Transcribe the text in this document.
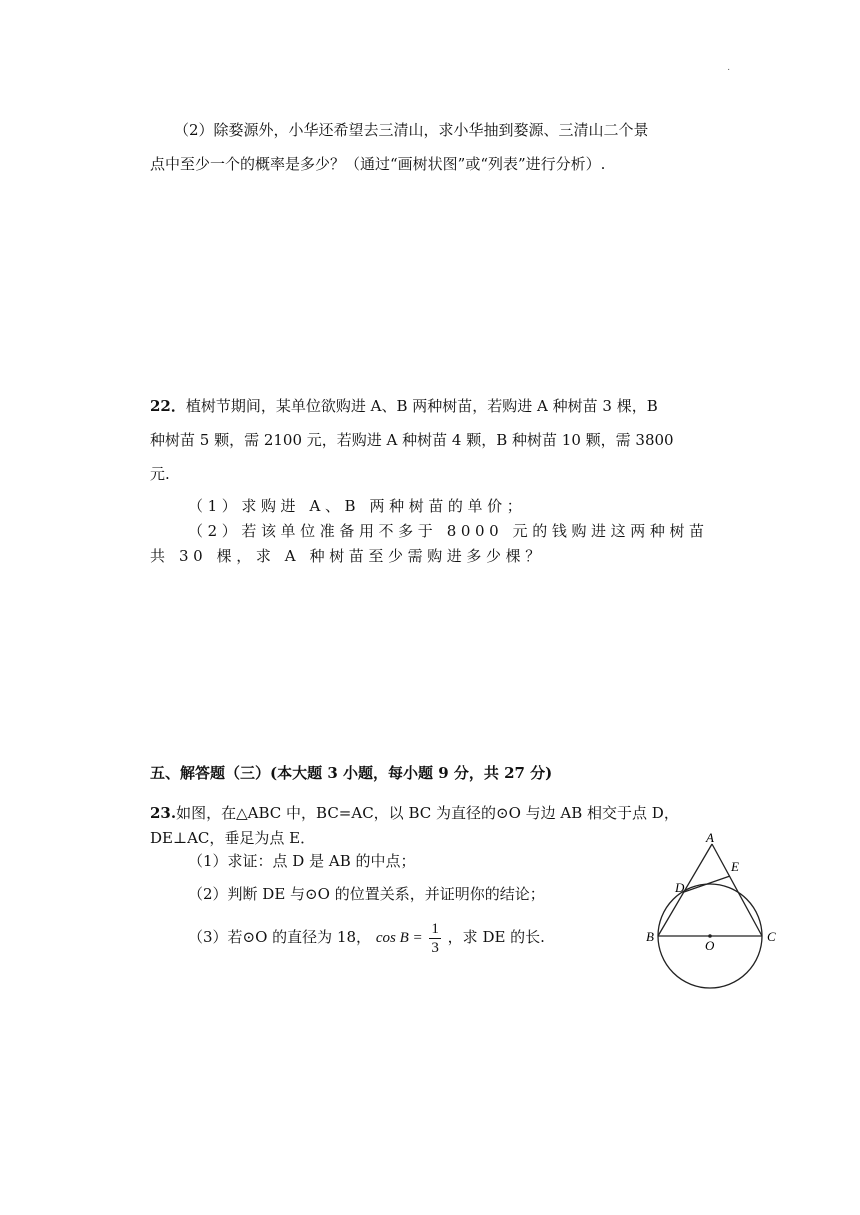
·
（2）除婺源外，小华还希望去三清山，求小华抽到婺源、三清山二个景
点中至少一个的概率是多少？（通过“画树状图”或“列表”进行分析）.
22．植树节期间，某单位欲购进 A、B 两种树苗，若购进 A 种树苗 3 棵，B
种树苗 5 颗，需 2100 元，若购进 A 种树苗 4 颗，B 种树苗 10 颗，需 3800
元.
（1）求购进 A、B 两种树苗的单价；
（2）若该单位准备用不多于 8000 元的钱购进这两种树苗
共 30 棵，求 A 种树苗至少需购进多少棵？
五、解答题（三）(本大题 3 小题，每小题 9 分，共 27 分)
23.如图，在△ABC 中，BC=AC，以 BC 为直径的⊙O 与边 AB 相交于点 D，
DE⊥AC，垂足为点 E．
（1）求证：点 D 是 AB 的中点；
（2）判断 DE 与⊙O 的位置关系，并证明你的结论；
（3）若⊙O 的直径为 18， $\cos B = \frac{1}{3}$ ，求 DE 的长.
A
E
D
B	C
O
